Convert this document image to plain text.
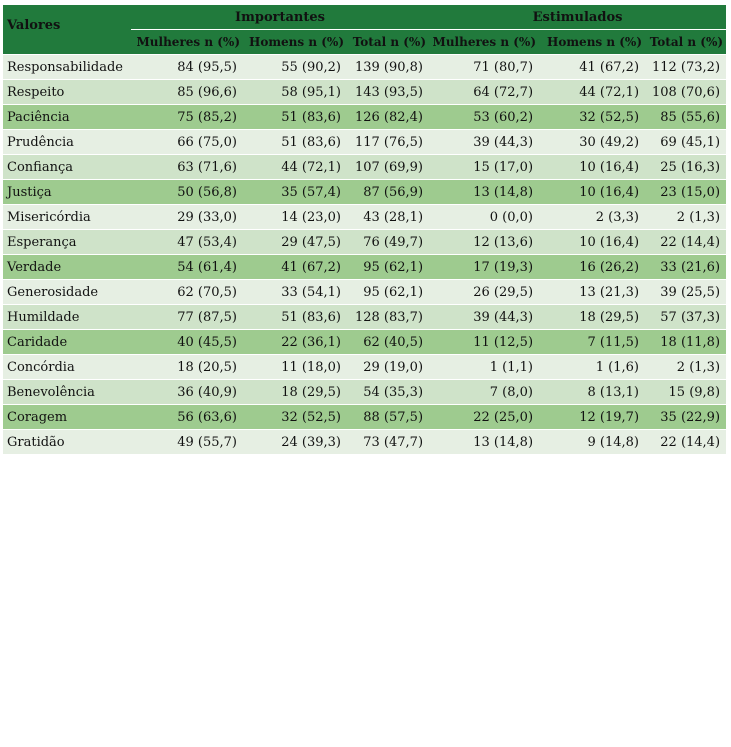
Valores	Importantes			Estimulados		
	Mulheres n (%)	Homens n (%)	Total n (%)	Mulheres n (%)	Homens n (%)	Total n (%)
Responsabilidade	84 (95,5)	55 (90,2)	139 (90,8)	71 (80,7)	41 (67,2)	112 (73,2)
Respeito	85 (96,6)	58 (95,1)	143 (93,5)	64 (72,7)	44 (72,1)	108 (70,6)
Paciência	75 (85,2)	51 (83,6)	126 (82,4)	53 (60,2)	32 (52,5)	85 (55,6)
Prudência	66 (75,0)	51 (83,6)	117 (76,5)	39 (44,3)	30 (49,2)	69 (45,1)
Confiança	63 (71,6)	44 (72,1)	107 (69,9)	15 (17,0)	10 (16,4)	25 (16,3)
Justiça	50 (56,8)	35 (57,4)	87 (56,9)	13 (14,8)	10 (16,4)	23 (15,0)
Misericórdia	29 (33,0)	14 (23,0)	43 (28,1)	0 (0,0)	2 (3,3)	2 (1,3)
Esperança	47 (53,4)	29 (47,5)	76 (49,7)	12 (13,6)	10 (16,4)	22 (14,4)
Verdade	54 (61,4)	41 (67,2)	95 (62,1)	17 (19,3)	16 (26,2)	33 (21,6)
Generosidade	62 (70,5)	33 (54,1)	95 (62,1)	26 (29,5)	13 (21,3)	39 (25,5)
Humildade	77 (87,5)	51 (83,6)	128 (83,7)	39 (44,3)	18 (29,5)	57 (37,3)
Caridade	40 (45,5)	22 (36,1)	62 (40,5)	11 (12,5)	7 (11,5)	18 (11,8)
Concórdia	18 (20,5)	11 (18,0)	29 (19,0)	1 (1,1)	1 (1,6)	2 (1,3)
Benevolência	36 (40,9)	18 (29,5)	54 (35,3)	7 (8,0)	8 (13,1)	15 (9,8)
Coragem	56 (63,6)	32 (52,5)	88 (57,5)	22 (25,0)	12 (19,7)	35 (22,9)
Gratidão	49 (55,7)	24 (39,3)	73 (47,7)	13 (14,8)	9 (14,8)	22 (14,4)
